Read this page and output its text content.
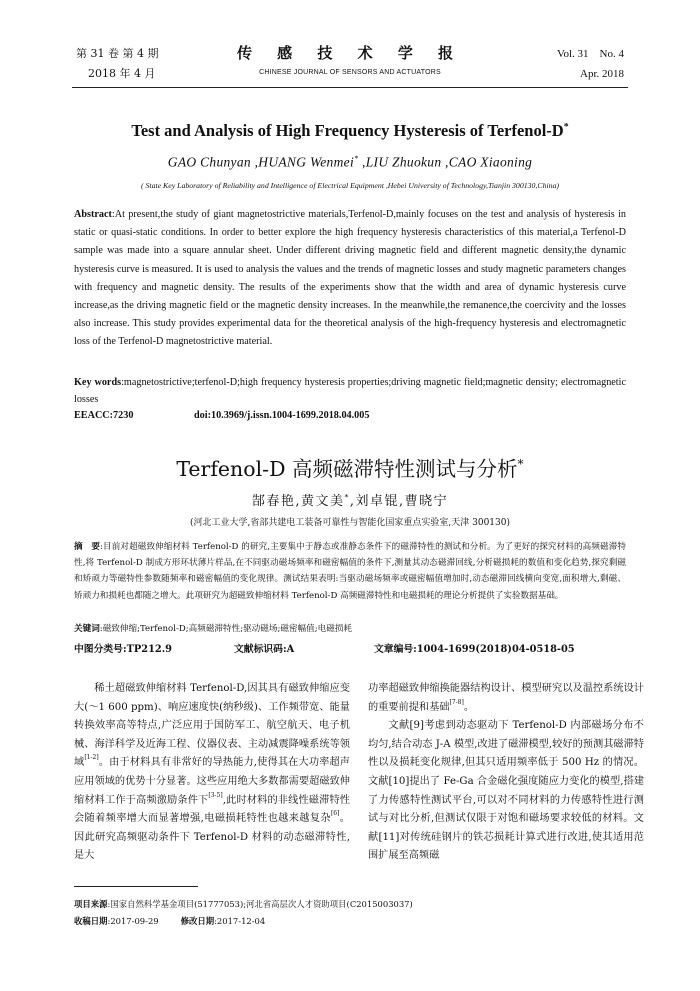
第 31 卷 第 4 期
2018 年 4 月
传 感 技 术 学 报
CHINESE JOURNAL OF SENSORS AND ACTUATORS
Vol. 31    No. 4
Apr. 2018
Test and Analysis of High Frequency Hysteresis of Terfenol-D*
GAO Chunyan ,HUANG Wenmei* ,LIU Zhuokun ,CAO Xiaoning
( State Key Laboratory of Reliability and Intelligence of Electrical Equipment ,Hebei University of Technology,Tianjin 300130,China)
Abstract:At present,the study of giant magnetostrictive materials,Terfenol-D,mainly focuses on the test and analysis of hysteresis in static or quasi-static conditions. In order to better explore the high frequency hysteresis characteristics of this material,a Terfenol-D sample was made into a square annular sheet. Under different driving magnetic field and different magnetic density,the dynamic hysteresis curve is measured. It is used to analysis the values and the trends of magnetic losses and study magnetic parameters changes with frequency and magnetic density. The results of the experiments show that the width and area of dynamic hysteresis curve increase,as the driving magnetic field or the magnetic density increases. In the meanwhile,the remanence,the coercivity and the losses also increase. This study provides experimental data for the theoretical analysis of the high-frequency hysteresis and electromagnetic loss of the Terfenol-D magnetostrictive material.
Key words:magnetostrictive;terfenol-D;high frequency hysteresis properties;driving magnetic field;magnetic density; electromagnetic losses
EEACC:7230	doi:10.3969/j.issn.1004-1699.2018.04.005
Terfenol-D 高频磁滞特性测试与分析*
郜春艳,黄文美*,刘卓锟,曹晓宁
(河北工业大学,省部共建电工装备可靠性与智能化国家重点实验室,天津 300130)
摘　要:目前对超磁致伸缩材料 Terfenol-D 的研究,主要集中于静态或准静态条件下的磁滞特性的测试和分析。为了更好的探究材料的高频磁滞特性,将 Terfenol-D 制成方形环状薄片样品,在不同驱动磁场频率和磁密幅值的条件下,测量其动态磁滞回线,分析磁损耗的数值和变化趋势,探究剩磁和矫顽力等磁特性参数随频率和磁密幅值的变化规律。测试结果表明:当驱动磁场频率或磁密幅值增加时,动态磁滞回线横向变宽,面积增大,剩磁、矫顽力和损耗也都随之增大。此项研究为超磁致伸缩材料 Terfenol-D 高频磁滞特性和电磁损耗的理论分析提供了实验数据基础。
关键词:磁致伸缩;Terfenol-D;高频磁滞特性;驱动磁场;磁密幅值;电磁损耗
中图分类号:TP212.9	文献标识码:A	文章编号:1004-1699(2018)04-0518-05
稀土超磁致伸缩材料 Terfenol-D,因其具有磁致伸缩应变大(～1 600 ppm)、响应速度快(纳秒级)、工作频带宽、能量转换效率高等特点,广泛应用于国防军工、航空航天、电子机械、海洋科学及近海工程、仪器仪表、主动减震降噪系统等领域[1-2]。由于材料具有非常好的导热能力,使得其在大功率超声应用领域的优势十分显著。这些应用绝大多数都需要超磁致伸缩材料工作于高频激励条件下[3-5],此时材料的非线性磁滞特性会随着频率增大而显著增强,电磁损耗特性也越来越复杂[6]。因此研究高频驱动条件下 Terfenol-D 材料的动态磁滞特性,是大
功率超磁致伸缩换能器结构设计、模型研究以及温控系统设计的重要前提和基础[7-8]。
文献[9]考虑到动态驱动下 Terfenol-D 内部磁场分布不均匀,结合动态 J-A 模型,改进了磁滞模型,较好的预测其磁滞特性以及损耗变化规律,但其只适用频率低于 500 Hz 的情况。文献[10]提出了 Fe-Ga 合金磁化强度随应力变化的模型,搭建了力传感特性测试平台,可以对不同材料的力传感特性进行测试与对比分析,但测试仅限于对饱和磁场要求较低的材料。文献[11]对传统硅钢片的铁芯损耗计算式进行改进,使其适用范围扩展至高频磁
项目来源:国家自然科学基金项目(51777053);河北省高层次人才资助项目(C2015003037)
收稿日期:2017-09-29	修改日期:2017-12-04
